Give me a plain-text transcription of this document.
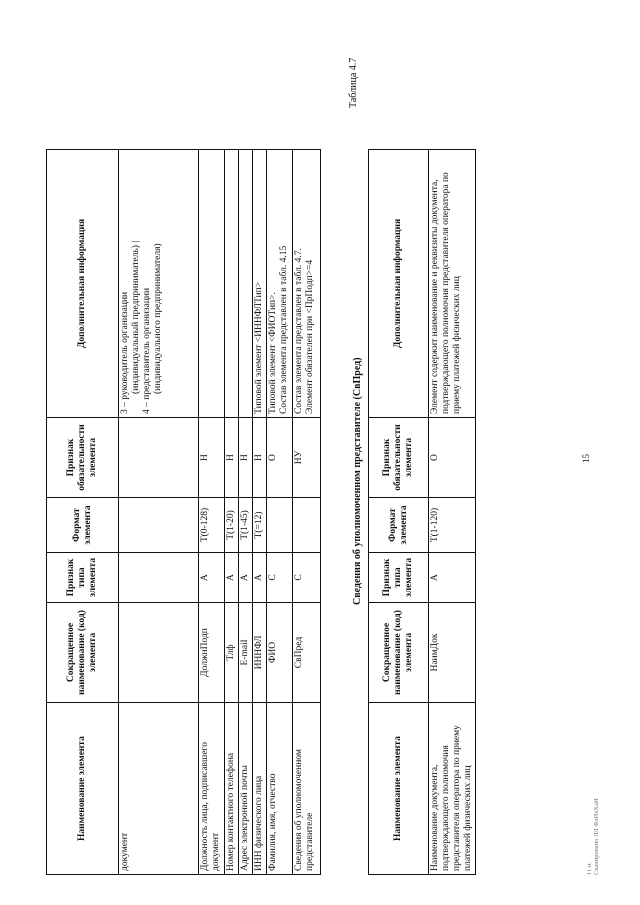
15
Наименование элемента	Сокращенное наименование (код) элемента	Признак типа элемента	Формат элемента	Признак обязательности элемента	Дополнительная информация
документ					3 – руководитель организации (индивидуальный предприниматель) | 4 – представитель организации (индивидуального предпринимателя)

Должность лица, подписавшего документ	ДолжнПодп	A	T(0-128)	H	
Номер контактного телефона	Тлф	A	T(1-20)	H	
Адрес электронной почты	E-mail	A	T(1-45)	H	
ИНН физического лица	ИННФЛ	A	T(=12)	H	Типовой элемент <ИННФЛТип>

Фамилия, имя, отчество	ФИО	C		O	Типовой элемент <ФИОТип>. Состав элемента представлен в табл. 4.15

Сведения об уполномоченном представителе	СвПред	C		НУ	Состав элемента представлен в табл. 4.7. Элемент обязателен при <ПрПодп>=4
Таблица 4.7
Сведения об уполномоченном представителе (СвПред)
Наименование элемента	Сокращенное наименование (код) элемента	Признак типа элемента	Формат элемента	Признак обязательности элемента	Дополнительная информация
Наименование документа, подтверждающего полномочия представителя оператора по приему платежей физических лиц	НаимДок	A	T(1-120)	O	Элемент содержит наименование и реквизиты документа, подтверждающего полномочия представителя оператора по приему платежей физических лиц
11 н. Сканировано ЛЛ ФлИхХаИ
